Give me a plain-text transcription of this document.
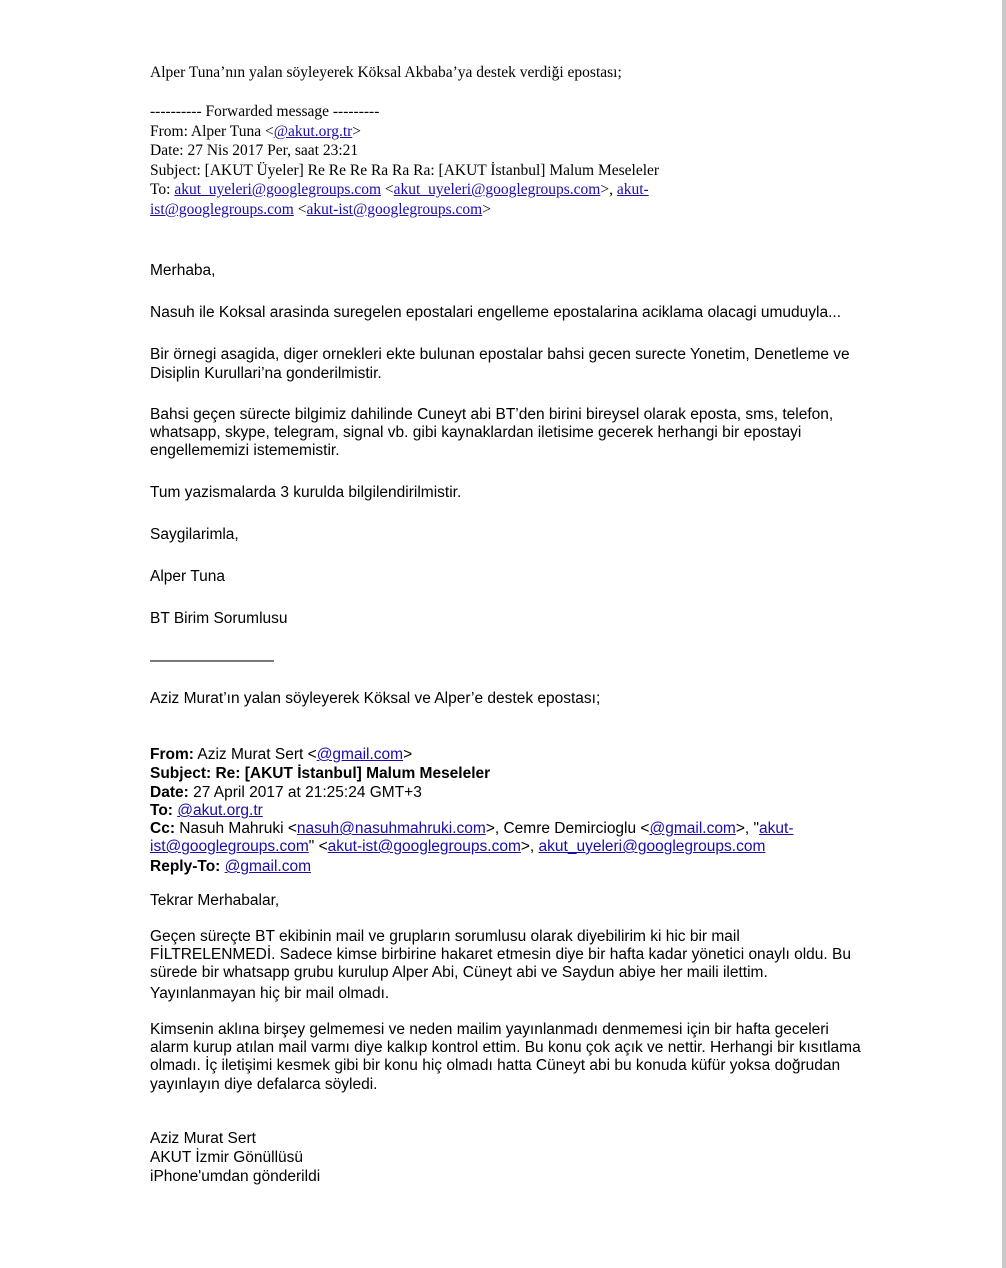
Alper Tuna’nın yalan söyleyerek Köksal Akbaba’ya destek verdiği epostası;
---------- Forwarded message ---------
From: Alper Tuna <@akut.org.tr>
Date: 27 Nis 2017 Per, saat 23:21
Subject: [AKUT Üyeler] Re Re Re Ra Ra Ra: [AKUT İstanbul] Malum Meseleler
To: akut_uyeleri@googlegroups.com <akut_uyeleri@googlegroups.com>, akut-
ist@googlegroups.com <akut-ist@googlegroups.com>
Merhaba,
Nasuh ile Koksal arasinda suregelen epostalari engelleme epostalarina aciklama olacagi umuduyla...
Bir örnegi asagida, diger ornekleri ekte bulunan epostalar bahsi gecen surecte Yonetim, Denetleme ve
Disiplin Kurullari’na gonderilmistir.
Bahsi geçen sürecte bilgimiz dahilinde Cuneyt abi BT’den birini bireysel olarak eposta, sms, telefon,
whatsapp, skype, telegram, signal vb. gibi kaynaklardan iletisime gecerek herhangi bir epostayi
engellememizi istememistir.
Tum yazismalarda 3 kurulda bilgilendirilmistir.
Saygilarimla,
Alper Tuna
BT Birim Sorumlusu
————————
Aziz Murat’ın yalan söyleyerek Köksal ve Alper’e destek epostası;
From: Aziz Murat Sert <@gmail.com>
Subject: Re: [AKUT İstanbul] Malum Meseleler
Date: 27 April 2017 at 21:25:24 GMT+3
To: @akut.org.tr
Cc: Nasuh Mahruki <nasuh@nasuhmahruki.com>, Cemre Demircioglu <@gmail.com>, "akut-
ist@googlegroups.com" <akut-ist@googlegroups.com>, akut_uyeleri@googlegroups.com
Reply-To: @gmail.com
Tekrar Merhabalar,
Geçen süreçte BT ekibinin mail ve grupların sorumlusu olarak diyebilirim ki hic bir mail
FİLTRELENMEDİ. Sadece kimse birbirine hakaret etmesin diye bir hafta kadar yönetici onaylı oldu. Bu
sürede bir whatsapp grubu kurulup Alper Abi, Cüneyt abi ve Saydun abiye her maili ilettim.
Yayınlanmayan hiç bir mail olmadı.
Kimsenin aklına birşey gelmemesi ve neden mailim yayınlanmadı denmemesi için bir hafta geceleri
alarm kurup atılan mail varmı diye kalkıp kontrol ettim. Bu konu çok açık ve nettir. Herhangi bir kısıtlama
olmadı. İç iletişimi kesmek gibi bir konu hiç olmadı hatta Cüneyt abi bu konuda küfür yoksa doğrudan
yayınlayın diye defalarca söyledi.
Aziz Murat Sert
AKUT İzmir Gönüllüsü
iPhone'umdan gönderildi
